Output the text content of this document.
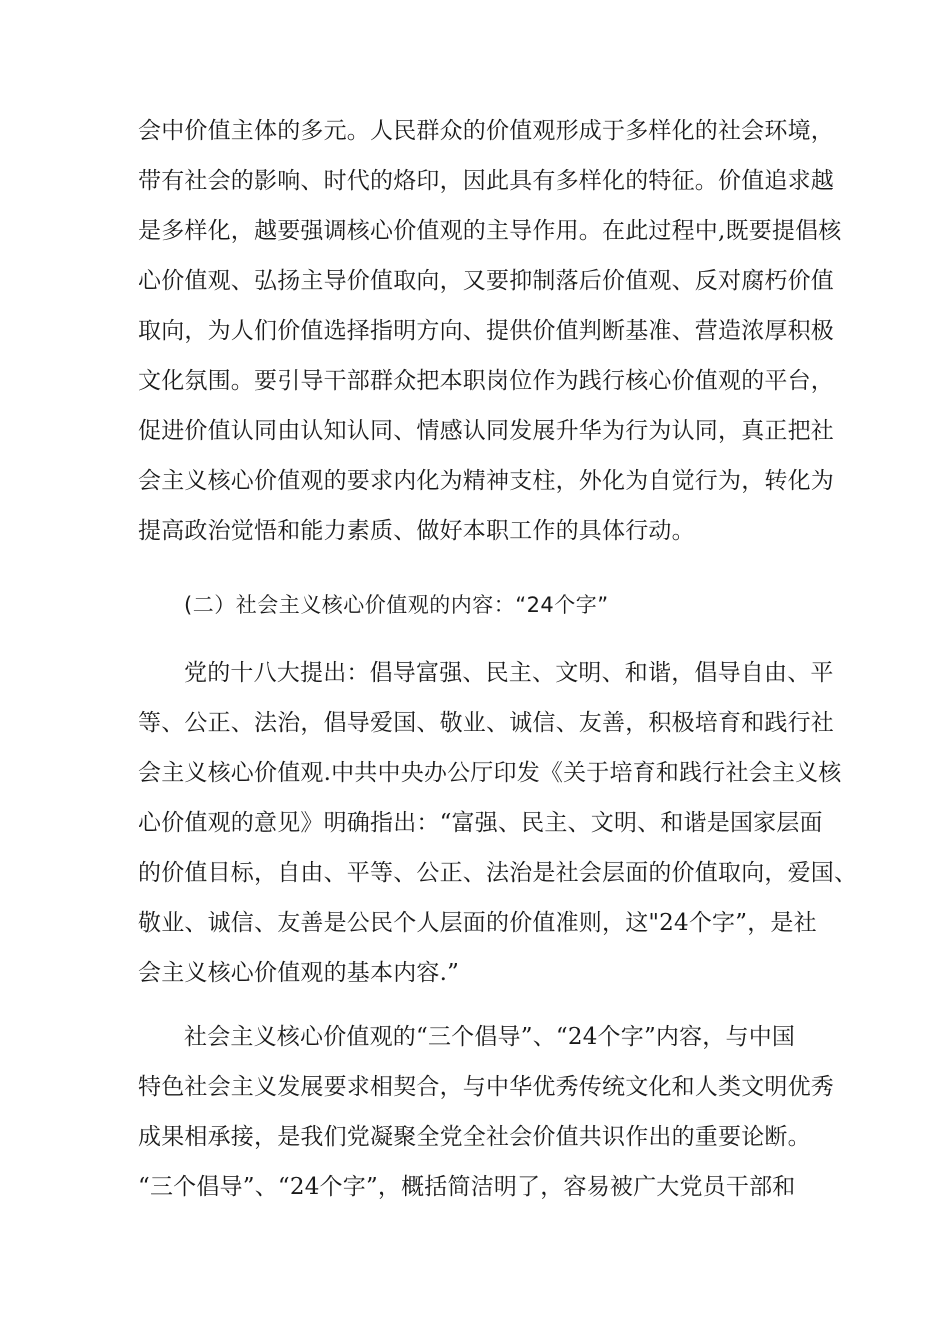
会中价值主体的多元。人民群众的价值观形成于多样化的社会环境，
带有社会的影响、时代的烙印，因此具有多样化的特征。价值追求越
是多样化，越要强调核心价值观的主导作用。在此过程中,既要提倡核
心价值观、弘扬主导价值取向，又要抑制落后价值观、反对腐朽价值
取向，为人们价值选择指明方向、提供价值判断基准、营造浓厚积极
文化氛围。要引导干部群众把本职岗位作为践行核心价值观的平台，
促进价值认同由认知认同、情感认同发展升华为行为认同，真正把社
会主义核心价值观的要求内化为精神支柱，外化为自觉行为，转化为
提高政治觉悟和能力素质、做好本职工作的具体行动。
(二）社会主义核心价值观的内容：“24个字”
党的十八大提出：倡导富强、民主、文明、和谐，倡导自由、平
等、公正、法治，倡导爱国、敬业、诚信、友善，积极培育和践行社
会主义核心价值观.中共中央办公厅印发《关于培育和践行社会主义核
心价值观的意见》明确指出：“富强、民主、文明、和谐是国家层面
的价值目标，自由、平等、公正、法治是社会层面的价值取向，爱国、
敬业、诚信、友善是公民个人层面的价值准则，这"24个字”，是社
会主义核心价值观的基本内容.”
社会主义核心价值观的“三个倡导”、“24个字”内容，与中国
特色社会主义发展要求相契合，与中华优秀传统文化和人类文明优秀
成果相承接，是我们党凝聚全党全社会价值共识作出的重要论断。
“三个倡导”、“24个字”，概括简洁明了，容易被广大党员干部和
